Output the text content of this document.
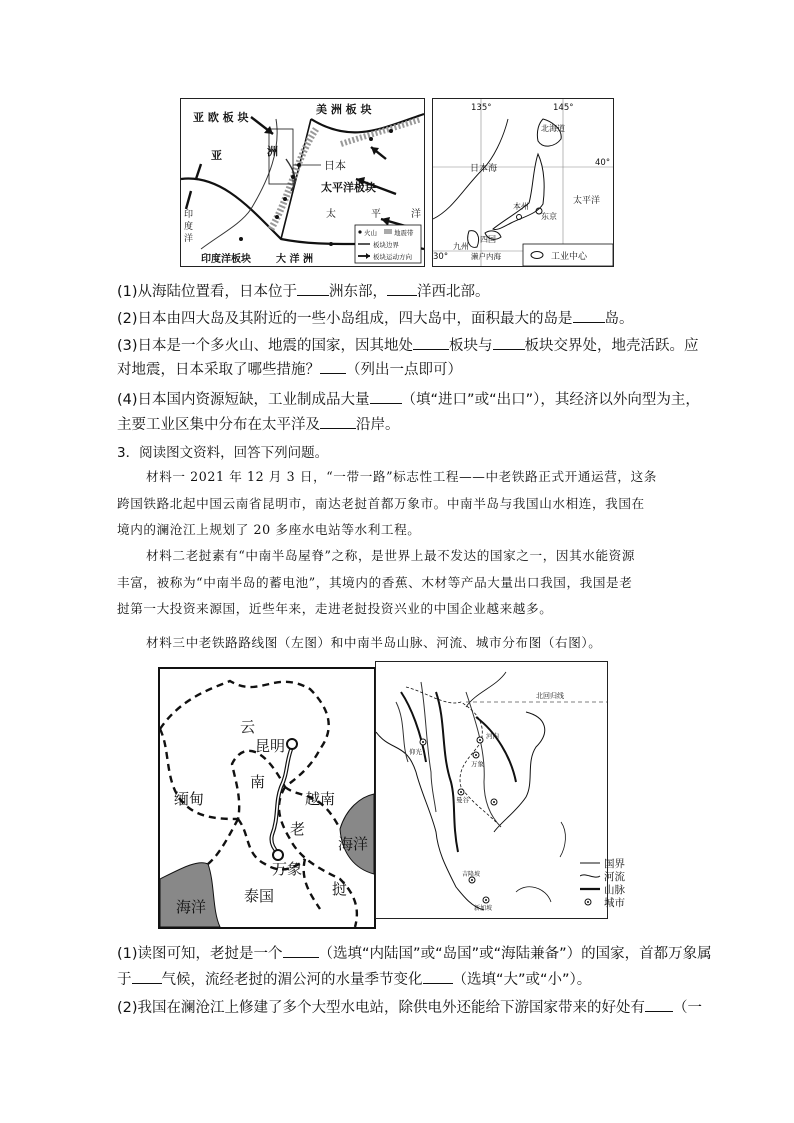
亚 欧 板 块
美 洲 板 块
亚	洲
日本
太平洋板块
太	平	洋
印
度
洋
印度洋板块	大 洋 洲
火山	地震带
板块边界
板块运动方向
135°	145°
40°
30°
北海道
日本海
太平洋
本州
东京
四国
九州
濑户内海	工业中心
(1)从海陆位置看，日本位于 洲东部， 洋西北部。
(2)日本由四大岛及其附近的一些小岛组成，四大岛中，面积最大的岛是 岛。
(3)日本是一个多火山、地震的国家，因其地处 板块与 板块交界处，地壳活跃。应
对地震，日本采取了哪些措施？ （列出一点即可）
(4)日本国内资源短缺，工业制成品大量 （填“进口”或“出口”），其经济以外向型为主，
主要工业区集中分布在太平洋及 沿岸。
3．阅读图文资料，回答下列问题。
材料一 2021 年 12 月 3 日，“一带一路”标志性工程——中老铁路正式开通运营，这条
跨国铁路北起中国云南省昆明市，南达老挝首都万象市。中南半岛与我国山水相连，我国在
境内的澜沧江上规划了 20 多座水电站等水利工程。
材料二老挝素有“中南半岛屋脊”之称，是世界上最不发达的国家之一，因其水能资源
丰富，被称为“中南半岛的蓄电池”，其境内的香蕉、木材等产品大量出口我国，我国是老
挝第一大投资来源国，近些年来，走进老挝投资兴业的中国企业越来越多。
材料三中老铁路路线图（左图）和中南半岛山脉、河流、城市分布图（右图）。
云
昆明
南
缅甸	越南
老
海洋
万象
泰国	挝
海洋
北回归线
仰光
河内
万象
曼谷
吉隆坡
新加坡
国界
河流
山脉
城市
(1)读图可知，老挝是一个 （选填“内陆国”或“岛国”或“海陆兼备”）的国家，首都万象属
于 气候，流经老挝的湄公河的水量季节变化 （选填“大”或“小”）。
(2)我国在澜沧江上修建了多个大型水电站，除供电外还能给下游国家带来的好处有 （一
